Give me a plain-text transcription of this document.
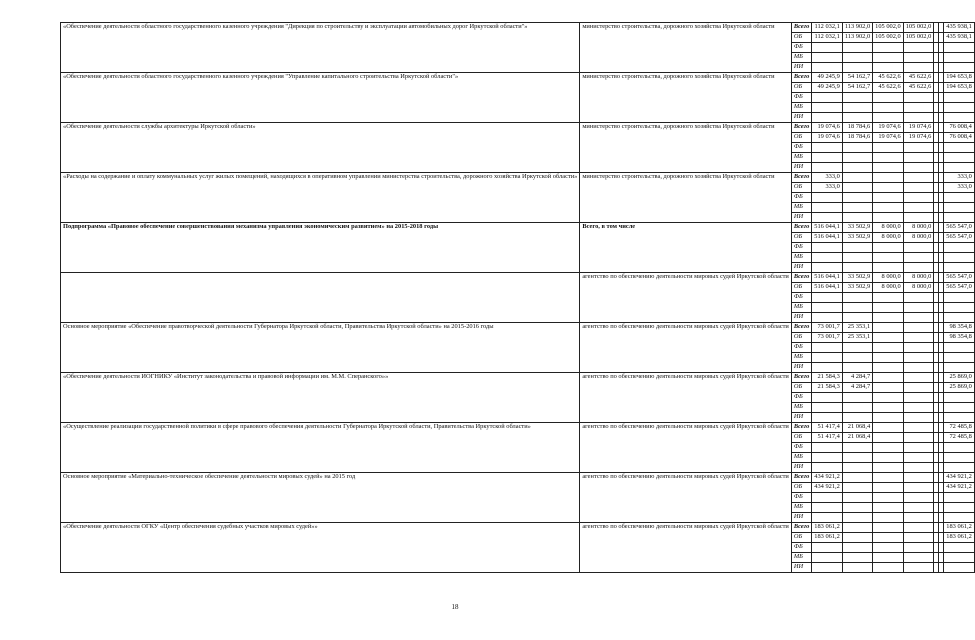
«Обеспечение деятельности областного государственного казенного учреждения "Дирекция по строительству и эксплуатации автомобильных дорог Иркутской области"»	министерство строительства, дорожного хозяйства Иркутской области	Всего	112 032,1	113 902,0	105 002,0	105 002,0			435 938,1
		ОБ	112 032,1	113 902,0	105 002,0	105 002,0			435 938,1
		ФБ							
		МБ							
		ИИ							
«Обеспечение деятельности областного государственного казенного учреждения "Управление капитального строительства Иркутской области"»	министерство строительства, дорожного хозяйства Иркутской области	Всего	49 245,9	54 162,7	45 622,6	45 622,6			194 653,8
		ОБ	49 245,9	54 162,7	45 622,6	45 622,6			194 653,8
		ФБ							
		МБ							
		ИИ							
«Обеспечение деятельности службы архитектуры Иркутской области»	министерство строительства, дорожного хозяйства Иркутской области	Всего	19 074,6	18 784,6	19 074,6	19 074,6			76 008,4
		ОБ	19 074,6	18 784,6	19 074,6	19 074,6			76 008,4
		ФБ							
		МБ							
		ИИ							
«Расходы на содержание и оплату коммунальных услуг жилых помещений, находящихся в оперативном управлении министерства строительства, дорожного хозяйства Иркутской области»	министерство строительства, дорожного хозяйства Иркутской области	Всего	333,0						333,0
		ОБ	333,0						333,0
		ФБ							
		МБ							
		ИИ							
Подпрограмма «Правовое обеспечение совершенствования механизма управления экономическим развитием» на 2015-2018 годы	Всего, в том числе	Всего	516 044,1	33 502,9	8 000,0	8 000,0			565 547,0
		ОБ	516 044,1	33 502,9	8 000,0	8 000,0			565 547,0
		ФБ							
		МБ							
		ИИ							
	агентство по обеспечению деятельности мировых судей Иркутской области	Всего	516 044,1	33 502,9	8 000,0	8 000,0			565 547,0
		ОБ	516 044,1	33 502,9	8 000,0	8 000,0			565 547,0
		ФБ							
		МБ							
		ИИ							
Основное мероприятие «Обеспечение правотворческой деятельности Губернатора Иркутской области, Правительства Иркутской области» на 2015-2016 годы	агентство по обеспечению деятельности мировых судей Иркутской области	Всего	73 001,7	25 353,1					98 354,8
		ОБ	73 001,7	25 353,1					98 354,8
		ФБ							
		МБ							
		ИИ							
«Обеспечение деятельности ИОГНИКУ «Институт законодательства и правовой информации им. М.М. Сперанского»»	агентство по обеспечению деятельности мировых судей Иркутской области	Всего	21 584,3	4 284,7					25 869,0
		ОБ	21 584,3	4 284,7					25 869,0
		ФБ							
		МБ							
		ИИ							
«Осуществление реализации государственной политики в сфере правового обеспечения деятельности Губернатора Иркутской области, Правительства Иркутской области»	агентство по обеспечению деятельности мировых судей Иркутской области	Всего	51 417,4	21 068,4					72 485,8
		ОБ	51 417,4	21 068,4					72 485,8
		ФБ							
		МБ							
		ИИ							
Основное мероприятие «Материально-техническое обеспечение деятельности мировых судей» на 2015 год	агентство по обеспечению деятельности мировых судей Иркутской области	Всего	434 921,2						434 921,2
		ОБ	434 921,2						434 921,2
		ФБ							
		МБ							
		ИИ							
«Обеспечение деятельности ОГКУ «Центр обеспечения судебных участков мировых судей»»	агентство по обеспечению деятельности мировых судей Иркутской области	Всего	183 061,2						183 061,2
		ОБ	183 061,2						183 061,2
		ФБ							
		МБ							
		ИИ							
18
